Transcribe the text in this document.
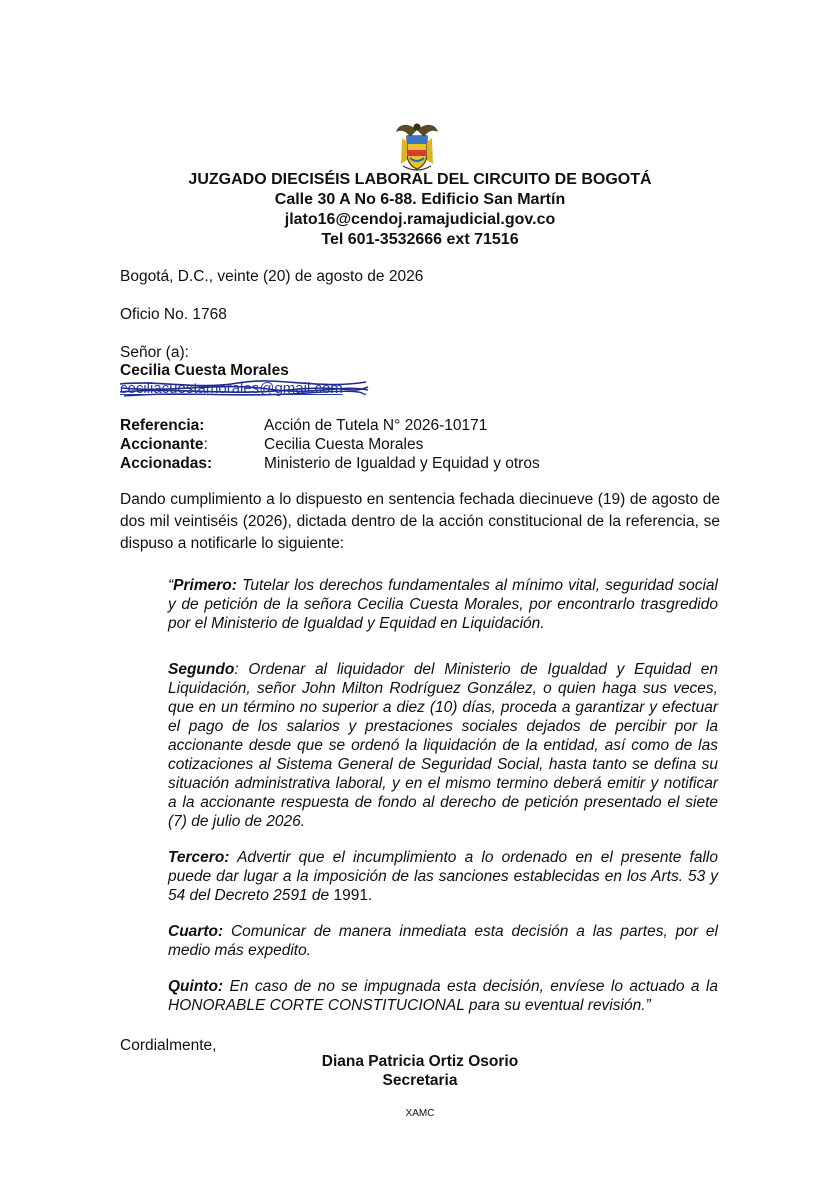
JUZGADO DIECISÉIS LABORAL DEL CIRCUITO DE BOGOTÁ
Calle 30 A No 6-88. Edificio San Martín
jlato16@cendoj.ramajudicial.gov.co
Tel 601-3532666 ext 71516
Bogotá, D.C., veinte (20) de agosto de 2026
Oficio No. 1768
Señor (a):
Cecilia Cuesta Morales
ceciliacuestamorales@gmail.com
Referencia:	Acción de Tutela N° 2026-10171
Accionante:	Cecilia Cuesta Morales
Accionadas:	Ministerio de Igualdad y Equidad y otros
Dando cumplimiento a lo dispuesto en sentencia fechada diecinueve (19) de agosto de dos mil veintiséis (2026), dictada dentro de la acción constitucional de la referencia, se dispuso a notificarle lo siguiente:
“Primero: Tutelar los derechos fundamentales al mínimo vital, seguridad social y de petición de la señora Cecilia Cuesta Morales, por encontrarlo trasgredido por el Ministerio de Igualdad y Equidad en Liquidación.
Segundo: Ordenar al liquidador del Ministerio de Igualdad y Equidad en Liquidación, señor John Milton Rodríguez González, o quien haga sus veces, que en un término no superior a diez (10) días, proceda a garantizar y efectuar el pago de los salarios y prestaciones sociales dejados de percibir por la accionante desde que se ordenó la liquidación de la entidad, así como de las cotizaciones al Sistema General de Seguridad Social, hasta tanto se defina su situación administrativa laboral, y en el mismo termino deberá emitir y notificar a la accionante respuesta de fondo al derecho de petición presentado el siete (7) de julio de 2026.
Tercero: Advertir que el incumplimiento a lo ordenado en el presente fallo puede dar lugar a la imposición de las sanciones establecidas en los Arts. 53 y 54 del Decreto 2591 de 1991.
Cuarto: Comunicar de manera inmediata esta decisión a las partes, por el medio más expedito.
Quinto: En caso de no se impugnada esta decisión, envíese lo actuado a la HONORABLE CORTE CONSTITUCIONAL para su eventual revisión.”
Cordialmente,
Diana Patricia Ortiz Osorio
Secretaria
XAMC
